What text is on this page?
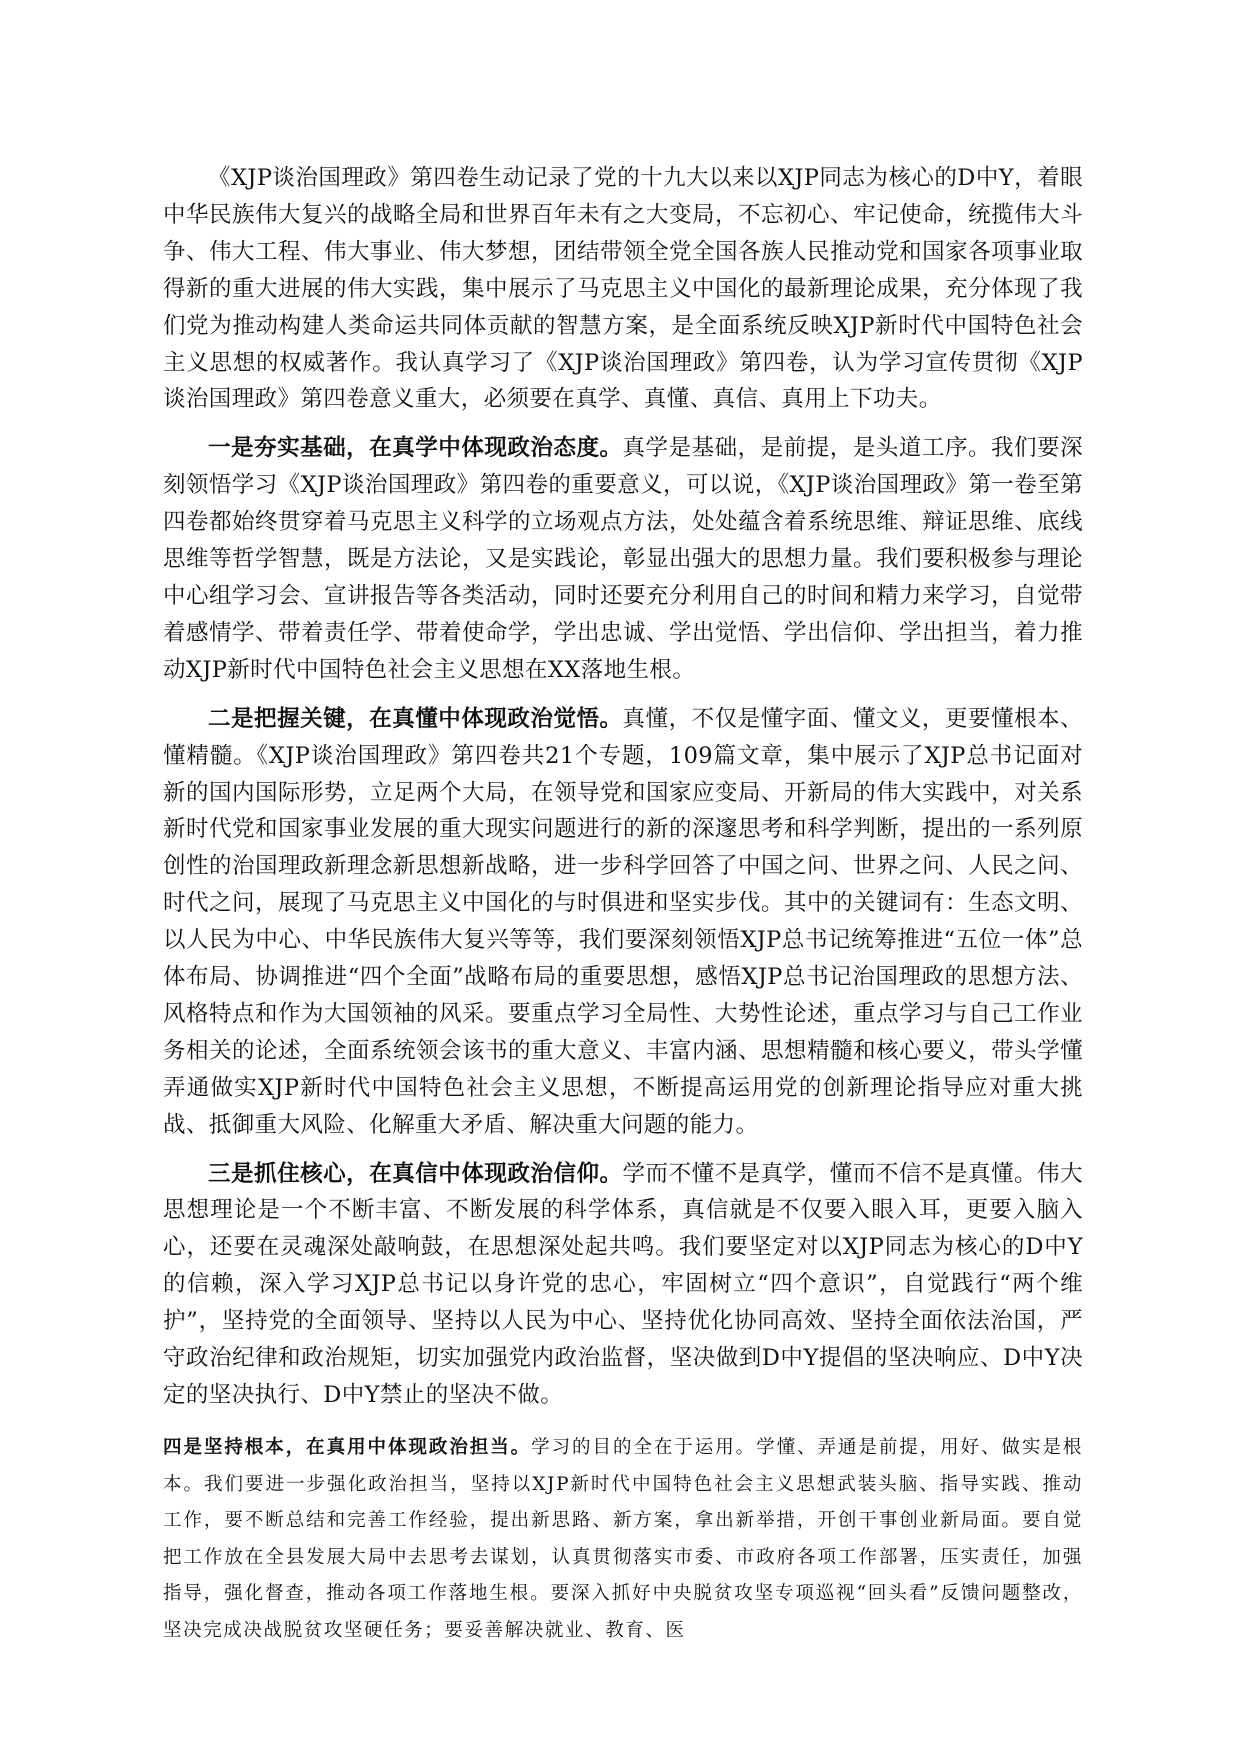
《XJP谈治国理政》第四卷生动记录了党的十九大以来以XJP同志为核心的D中Y，着眼中华民族伟大复兴的战略全局和世界百年未有之大变局，不忘初心、牢记使命，统揽伟大斗争、伟大工程、伟大事业、伟大梦想，团结带领全党全国各族人民推动党和国家各项事业取得新的重大进展的伟大实践，集中展示了马克思主义中国化的最新理论成果，充分体现了我们党为推动构建人类命运共同体贡献的智慧方案，是全面系统反映XJP新时代中国特色社会主义思想的权威著作。我认真学习了《XJP谈治国理政》第四卷，认为学习宣传贯彻《XJP谈治国理政》第四卷意义重大，必须要在真学、真懂、真信、真用上下功夫。

一是夯实基础，在真学中体现政治态度。真学是基础，是前提，是头道工序。我们要深刻领悟学习《XJP谈治国理政》第四卷的重要意义，可以说，《XJP谈治国理政》第一卷至第四卷都始终贯穿着马克思主义科学的立场观点方法，处处蕴含着系统思维、辩证思维、底线思维等哲学智慧，既是方法论，又是实践论，彰显出强大的思想力量。我们要积极参与理论中心组学习会、宣讲报告等各类活动，同时还要充分利用自己的时间和精力来学习，自觉带着感情学、带着责任学、带着使命学，学出忠诚、学出觉悟、学出信仰、学出担当，着力推动XJP新时代中国特色社会主义思想在XX落地生根。

二是把握关键，在真懂中体现政治觉悟。真懂，不仅是懂字面、懂文义，更要懂根本、懂精髓。《XJP谈治国理政》第四卷共21个专题，109篇文章，集中展示了XJP总书记面对新的国内国际形势，立足两个大局，在领导党和国家应变局、开新局的伟大实践中，对关系新时代党和国家事业发展的重大现实问题进行的新的深邃思考和科学判断，提出的一系列原创性的治国理政新理念新思想新战略，进一步科学回答了中国之问、世界之问、人民之问、时代之问，展现了马克思主义中国化的与时俱进和坚实步伐。其中的关键词有：生态文明、以人民为中心、中华民族伟大复兴等等，我们要深刻领悟XJP总书记统筹推进“五位一体”总体布局、协调推进“四个全面”战略布局的重要思想，感悟XJP总书记治国理政的思想方法、风格特点和作为大国领袖的风采。要重点学习全局性、大势性论述，重点学习与自己工作业务相关的论述，全面系统领会该书的重大意义、丰富内涵、思想精髓和核心要义，带头学懂弄通做实XJP新时代中国特色社会主义思想，不断提高运用党的创新理论指导应对重大挑战、抵御重大风险、化解重大矛盾、解决重大问题的能力。

三是抓住核心，在真信中体现政治信仰。学而不懂不是真学，懂而不信不是真懂。伟大思想理论是一个不断丰富、不断发展的科学体系，真信就是不仅要入眼入耳，更要入脑入心，还要在灵魂深处敲响鼓，在思想深处起共鸣。我们要坚定对以XJP同志为核心的D中Y的信赖，深入学习XJP总书记以身许党的忠心，牢固树立“四个意识”，自觉践行“两个维护”，坚持党的全面领导、坚持以人民为中心、坚持优化协同高效、坚持全面依法治国，严守政治纪律和政治规矩，切实加强党内政治监督，坚决做到D中Y提倡的坚决响应、D中Y决定的坚决执行、D中Y禁止的坚决不做。

四是坚持根本，在真用中体现政治担当。学习的目的全在于运用。学懂、弄通是前提，用好、做实是根本。我们要进一步强化政治担当，坚持以XJP新时代中国特色社会主义思想武装头脑、指导实践、推动工作，要不断总结和完善工作经验，提出新思路、新方案，拿出新举措，开创干事创业新局面。要自觉把工作放在全县发展大局中去思考去谋划，认真贯彻落实市委、市政府各项工作部署，压实责任，加强指导，强化督查，推动各项工作落地生根。要深入抓好中央脱贫攻坚专项巡视“回头看”反馈问题整改，坚决完成决战脱贫攻坚硬任务；要妥善解决就业、教育、医
